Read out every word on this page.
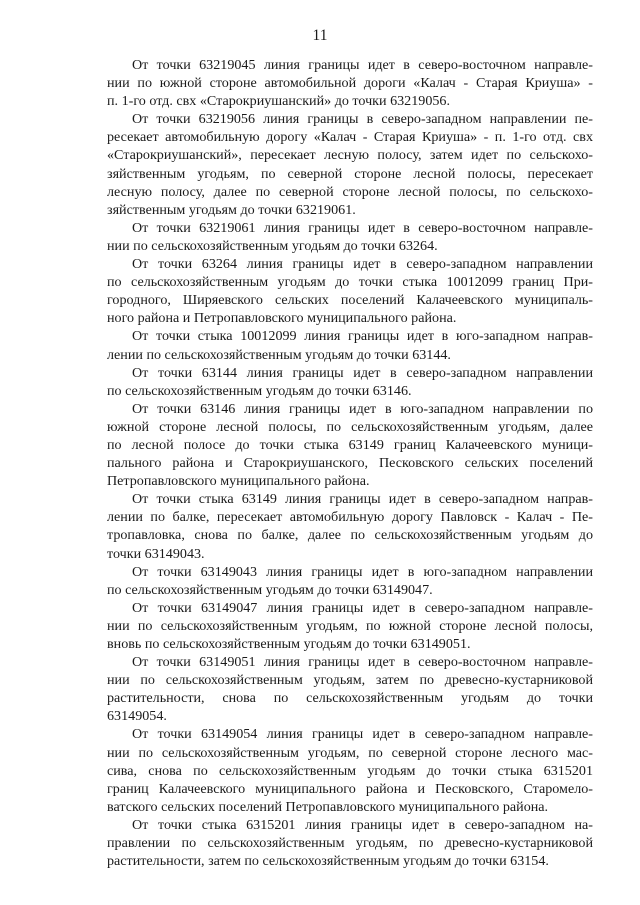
11

От точки 63219045 линия границы идет в северо-восточном направле-
нии по южной стороне автомобильной дороги «Калач - Старая Криуша» -
п. 1-го отд. свх «Старокриушанский» до точки 63219056.

От точки 63219056 линия границы в северо-западном направлении пе-
ресекает автомобильную дорогу «Калач - Старая Криуша» - п. 1-го отд. свх
«Старокриушанский», пересекает лесную полосу, затем идет по сельскохо-
зяйственным угодьям, по северной стороне лесной полосы, пересекает
лесную полосу, далее по северной стороне лесной полосы, по сельскохо-
зяйственным угодьям до точки 63219061.

От точки 63219061 линия границы идет в северо-восточном направле-
нии по сельскохозяйственным угодьям до точки 63264.

От точки 63264 линия границы идет в северо-западном направлении
по сельскохозяйственным угодьям до точки стыка 10012099 границ При-
городного, Ширяевского сельских поселений Калачеевского муниципаль-
ного района и Петропавловского муниципального района.

От точки стыка 10012099 линия границы идет в юго-западном направ-
лении по сельскохозяйственным угодьям до точки 63144.

От точки 63144 линия границы идет в северо-западном направлении
по сельскохозяйственным угодьям до точки 63146.

От точки 63146 линия границы идет в юго-западном направлении по
южной стороне лесной полосы, по сельскохозяйственным угодьям, далее
по лесной полосе до точки стыка 63149 границ Калачеевского муници-
пального района и Старокриушанского, Песковского сельских поселений
Петропавловского муниципального района.

От точки стыка 63149 линия границы идет в северо-западном направ-
лении по балке, пересекает автомобильную дорогу Павловск - Калач - Пе-
тропавловка, снова по балке, далее по сельскохозяйственным угодьям до
точки 63149043.

От точки 63149043 линия границы идет в юго-западном направлении
по сельскохозяйственным угодьям до точки 63149047.

От точки 63149047 линия границы идет в северо-западном направле-
нии по сельскохозяйственным угодьям, по южной стороне лесной полосы,
вновь по сельскохозяйственным угодьям до точки 63149051.

От точки 63149051 линия границы идет в северо-восточном направле-
нии по сельскохозяйственным угодьям, затем по древесно-кустарниковой
растительности, снова по сельскохозяйственным угодьям до точки
63149054.

От точки 63149054 линия границы идет в северо-западном направле-
нии по сельскохозяйственным угодьям, по северной стороне лесного мас-
сива, снова по сельскохозяйственным угодьям до точки стыка 6315201
границ Калачеевского муниципального района и Песковского, Старомело-
ватского сельских поселений Петропавловского муниципального района.

От точки стыка 6315201 линия границы идет в северо-западном на-
правлении по сельскохозяйственным угодьям, по древесно-кустарниковой
растительности, затем по сельскохозяйственным угодьям до точки 63154.
